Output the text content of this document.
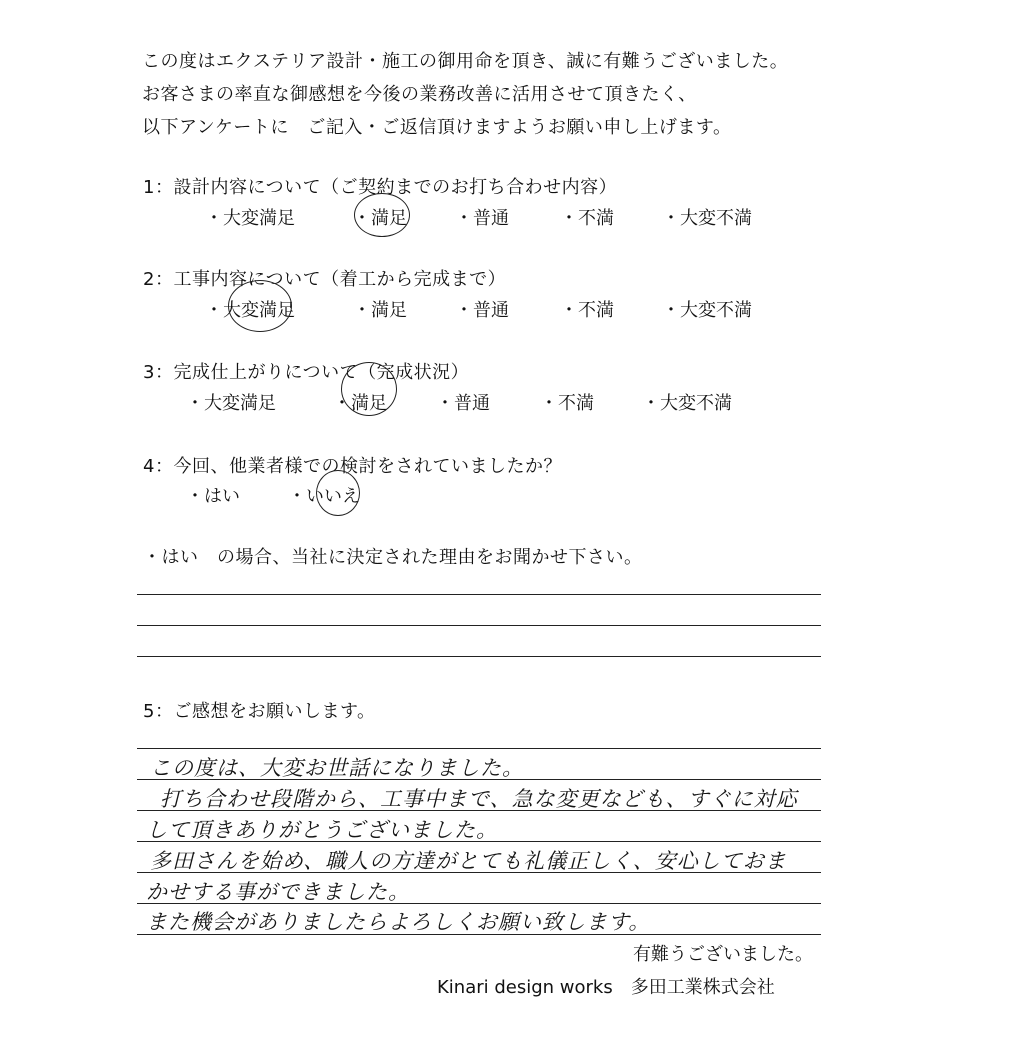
この度はエクステリア設計・施工の御用命を頂き、誠に有難うございました。
お客さまの率直な御感想を今後の業務改善に活用させて頂きたく、
以下アンケートに　ご記入・ご返信頂けますようお願い申し上げます。
1：設計内容について（ご契約までのお打ち合わせ内容）
・大変満足	・満足	・普通	・不満	・大変不満
2：工事内容について（着工から完成まで）
・大変満足	・満足	・普通	・不満	・大変不満
3：完成仕上がりについて（完成状況）
・大変満足	・満足	・普通	・不満	・大変不満
4：今回、他業者様での検討をされていましたか？
・はい	・いいえ
・はい　の場合、当社に決定された理由をお聞かせ下さい。
5：ご感想をお願いします。
この度は、大変お世話になりました。
打ち合わせ段階から、工事中まで、急な変更なども、すぐに対応
して頂きありがとうございました。
多田さんを始め、職人の方達がとても礼儀正しく、安心しておま
かせする事ができました。
また機会がありましたらよろしくお願い致します。
有難うございました。
Kinari design works　多田工業株式会社
